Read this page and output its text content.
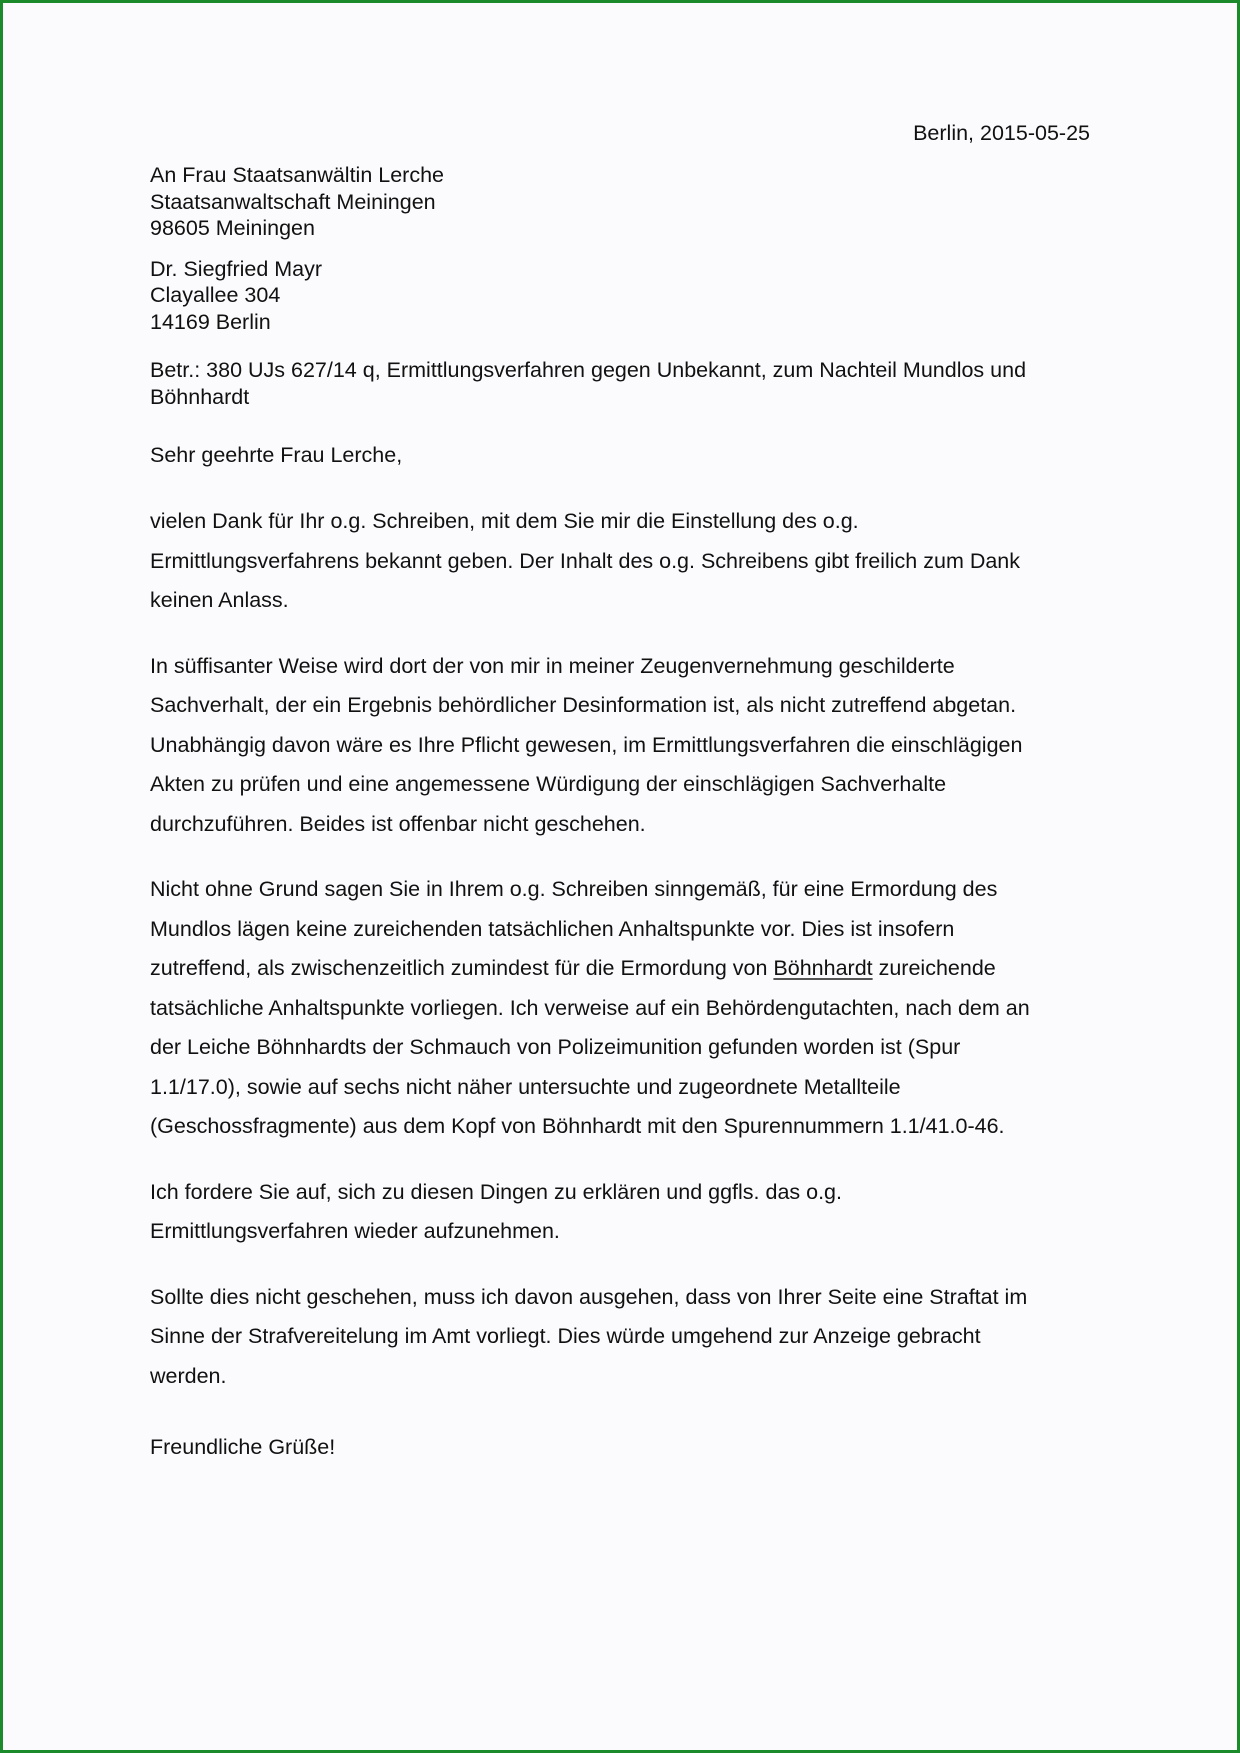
Berlin, 2015-05-25
An Frau Staatsanwältin Lerche
Staatsanwaltschaft Meiningen
98605 Meiningen
Dr. Siegfried Mayr
Clayallee 304
14169 Berlin
Betr.: 380 UJs 627/14 q, Ermittlungsverfahren gegen Unbekannt, zum Nachteil Mundlos und Böhnhardt
Sehr geehrte Frau Lerche,
vielen Dank für Ihr o.g. Schreiben, mit dem Sie mir die Einstellung des o.g.
Ermittlungsverfahrens bekannt geben. Der Inhalt des o.g. Schreibens gibt freilich zum Dank
keinen Anlass.
In süffisanter Weise wird dort der von mir in meiner Zeugenvernehmung geschilderte
Sachverhalt, der ein Ergebnis behördlicher Desinformation ist, als nicht zutreffend abgetan.
Unabhängig davon wäre es Ihre Pflicht gewesen, im Ermittlungsverfahren die einschlägigen
Akten zu prüfen und eine angemessene Würdigung der einschlägigen Sachverhalte
durchzuführen. Beides ist offenbar nicht geschehen.
Nicht ohne Grund sagen Sie in Ihrem o.g. Schreiben sinngemäß, für eine Ermordung des
Mundlos lägen keine zureichenden tatsächlichen Anhaltspunkte vor. Dies ist insofern
zutreffend, als zwischenzeitlich zumindest für die Ermordung von Böhnhardt zureichende
tatsächliche Anhaltspunkte vorliegen. Ich verweise auf ein Behördengutachten, nach dem an
der Leiche Böhnhardts der Schmauch von Polizeimunition gefunden worden ist (Spur
1.1/17.0), sowie auf sechs nicht näher untersuchte und zugeordnete Metallteile
(Geschossfragmente) aus dem Kopf von Böhnhardt mit den Spurennummern 1.1/41.0-46.
Ich fordere Sie auf, sich zu diesen Dingen zu erklären und ggfls. das o.g.
Ermittlungsverfahren wieder aufzunehmen.
Sollte dies nicht geschehen, muss ich davon ausgehen, dass von Ihrer Seite eine Straftat im
Sinne der Strafvereitelung im Amt vorliegt. Dies würde umgehend zur Anzeige gebracht
werden.
Freundliche Grüße!
